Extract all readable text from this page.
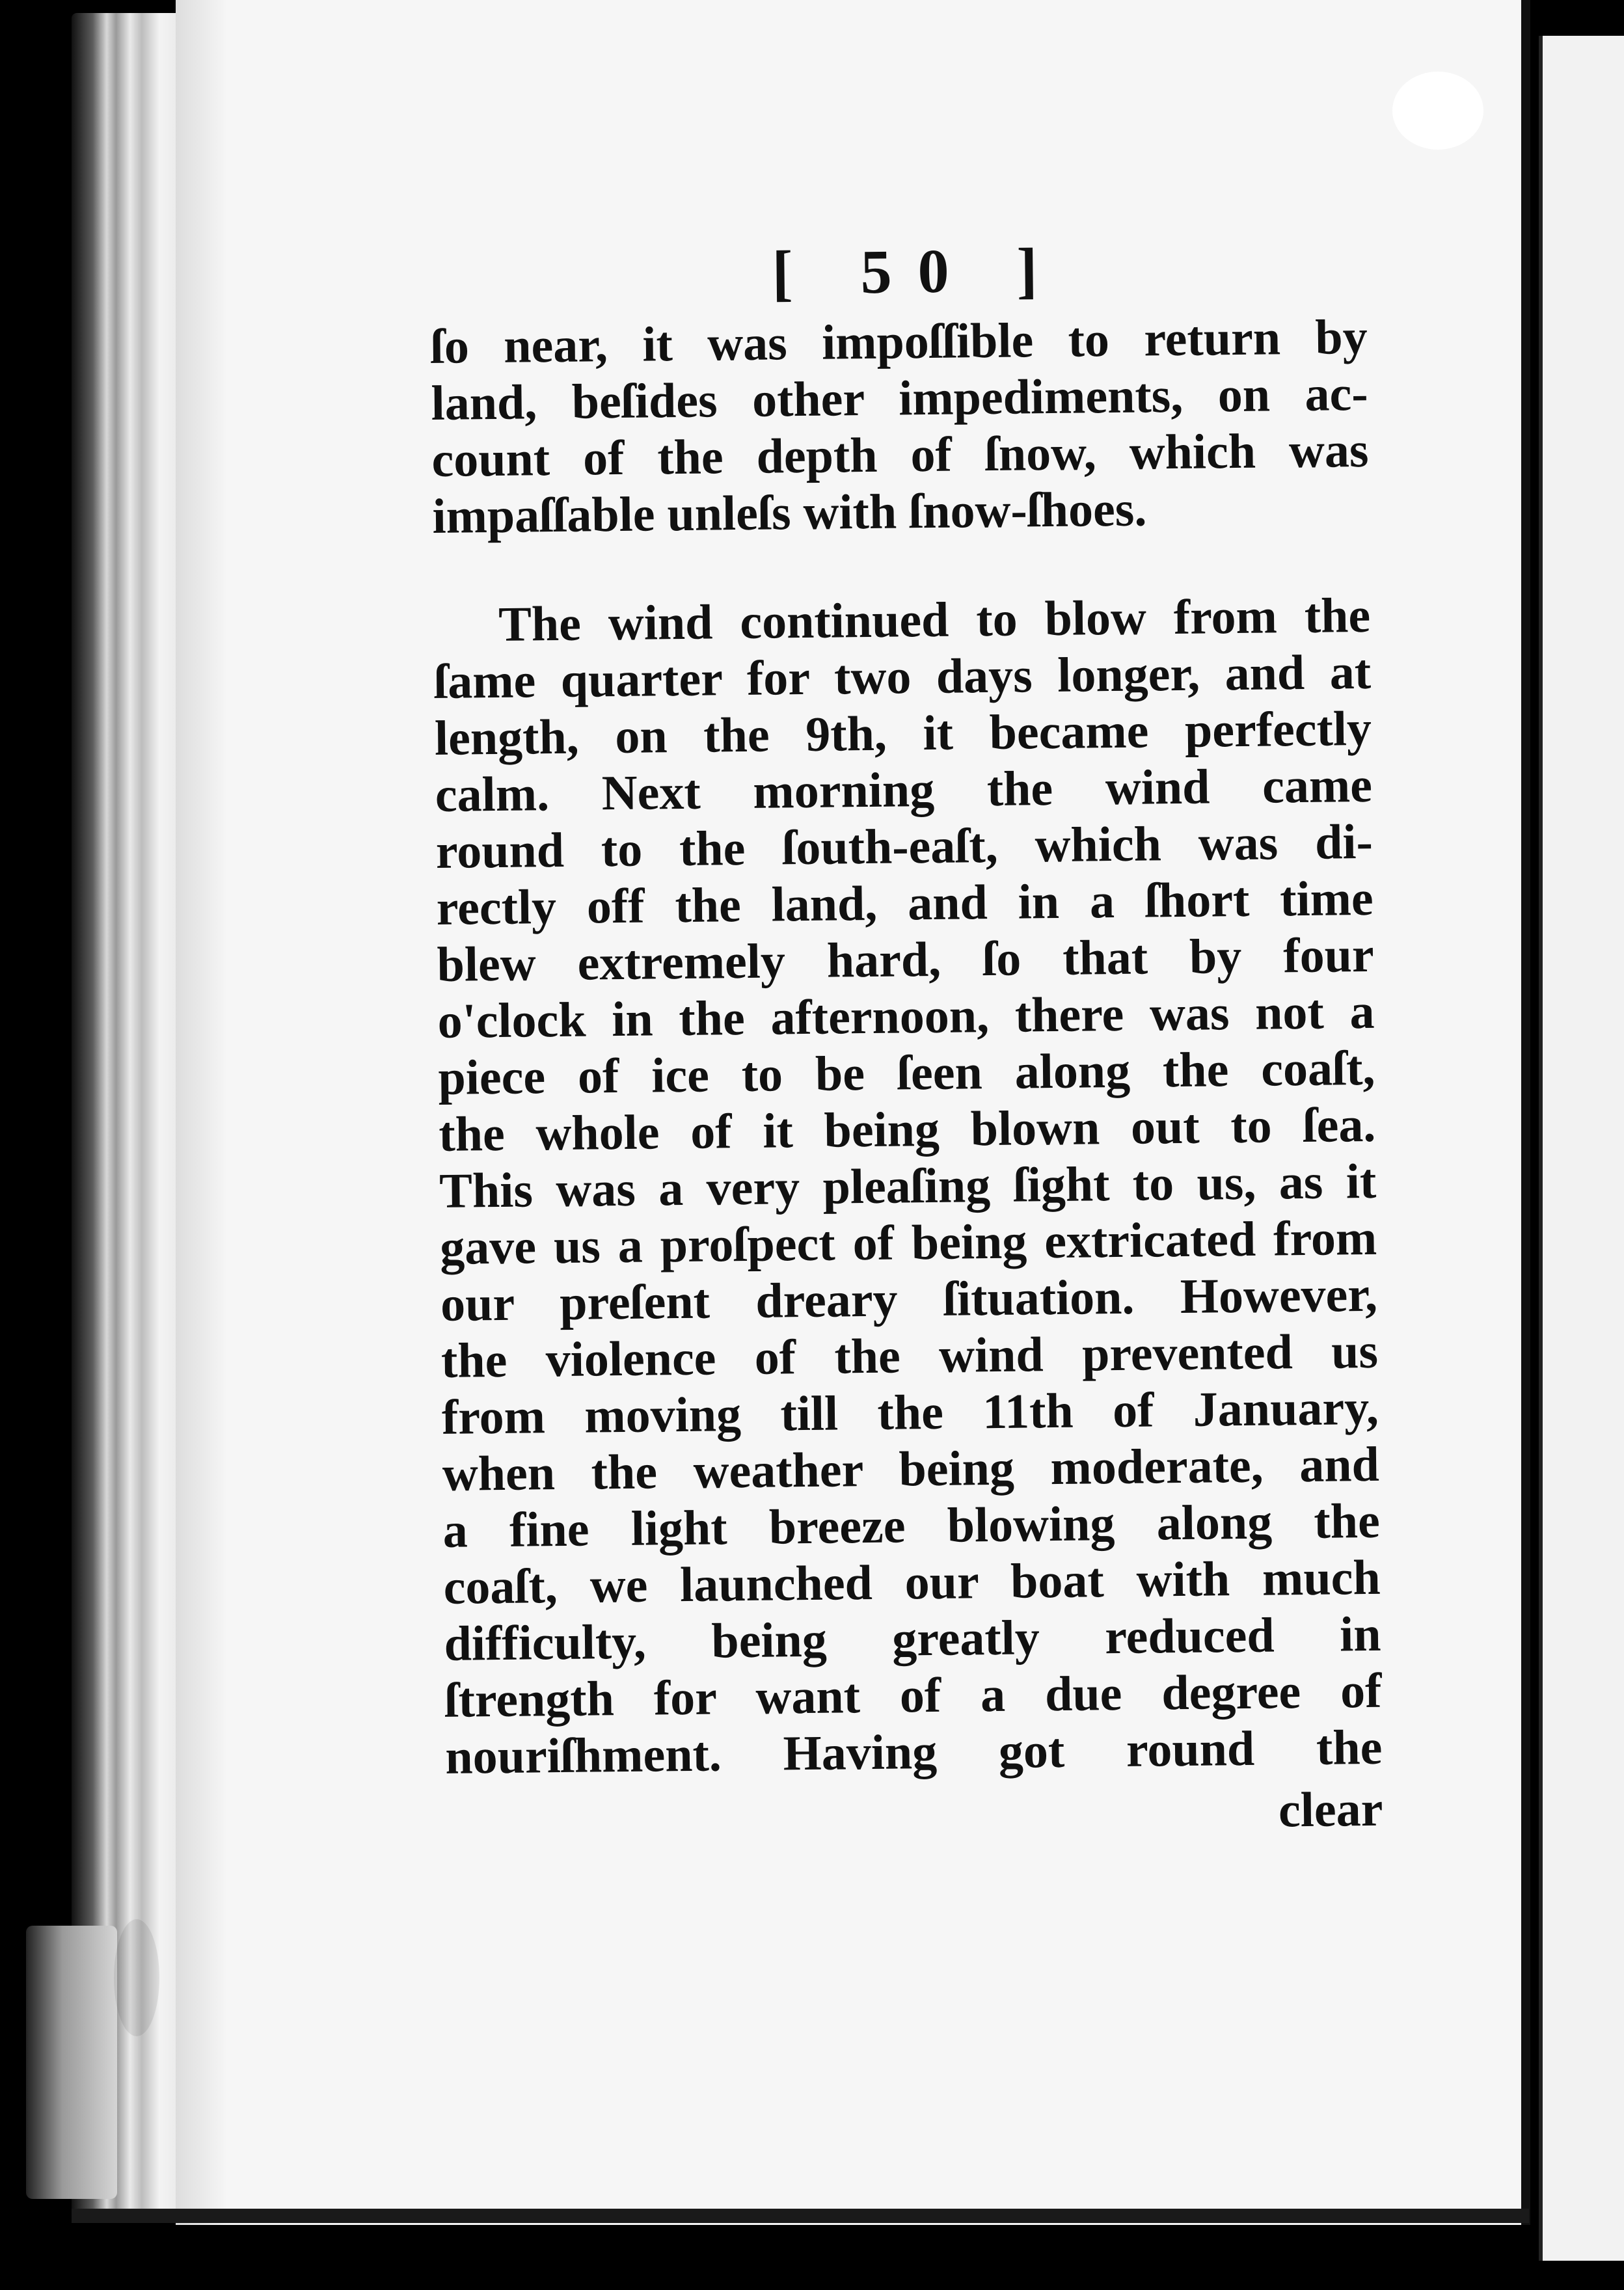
[ 50 ]
ſo near, it was impoſſible to return by
land, beſides other impediments, on ac-
count of the depth of ſnow, which was
impaſſable unleſs with ſnow-ſhoes.
The wind continued to blow from the
ſame quarter for two days longer, and at
length, on the 9th, it became perfectly
calm. Next morning the wind came
round to the ſouth-eaſt, which was di-
rectly off the land, and in a ſhort time
blew extremely hard, ſo that by four
o'clock in the afternoon, there was not a
piece of ice to be ſeen along the coaſt,
the whole of it being blown out to ſea.
This was a very pleaſing ſight to us, as it
gave us a proſpect of being extricated from
our preſent dreary ſituation. However,
the violence of the wind prevented us
from moving till the 11th of January,
when the weather being moderate, and
a fine light breeze blowing along the
coaſt, we launched our boat with much
difficulty, being greatly reduced in
ſtrength for want of a due degree of
nouriſhment. Having got round the
clear
